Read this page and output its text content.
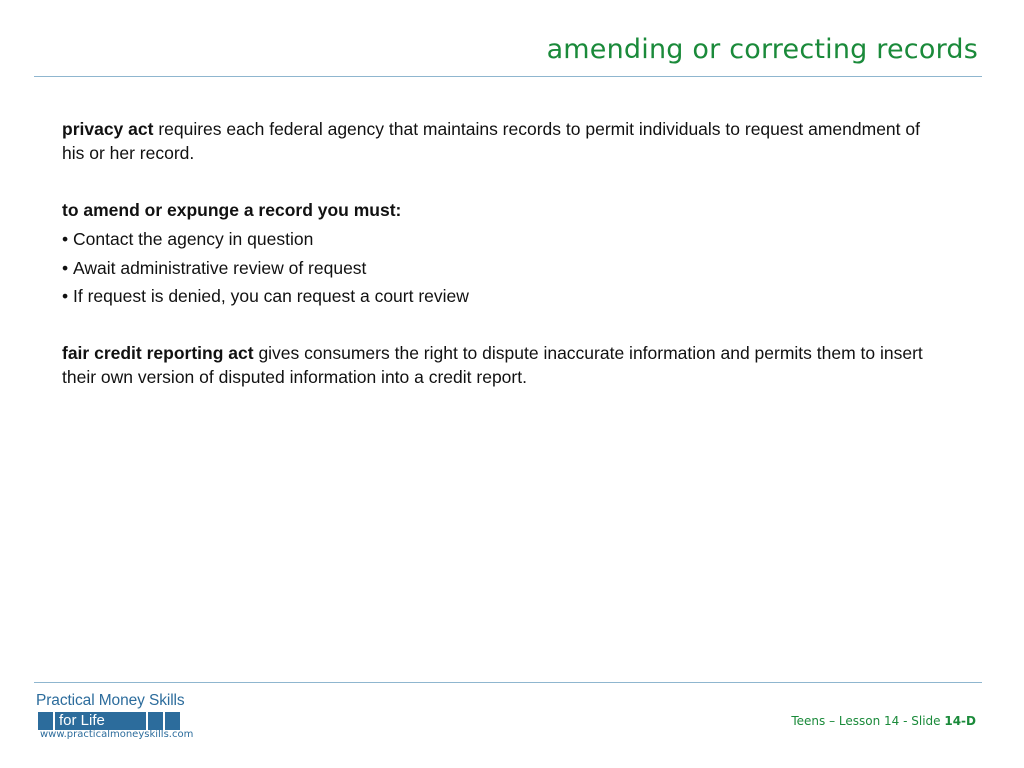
amending or correcting records

privacy act requires each federal agency that maintains records to permit individuals to request amendment of his or her record.

to amend or expunge a record you must:

• Contact the agency in question
• Await administrative review of request
• If request is denied, you can request a court review

fair credit reporting act gives consumers the right to dispute inaccurate information and permits them to insert their own version of disputed information into a credit report.

Practical Money Skills
for Life
www.practicalmoneyskills.com
Teens – Lesson 14 - Slide 14-D
